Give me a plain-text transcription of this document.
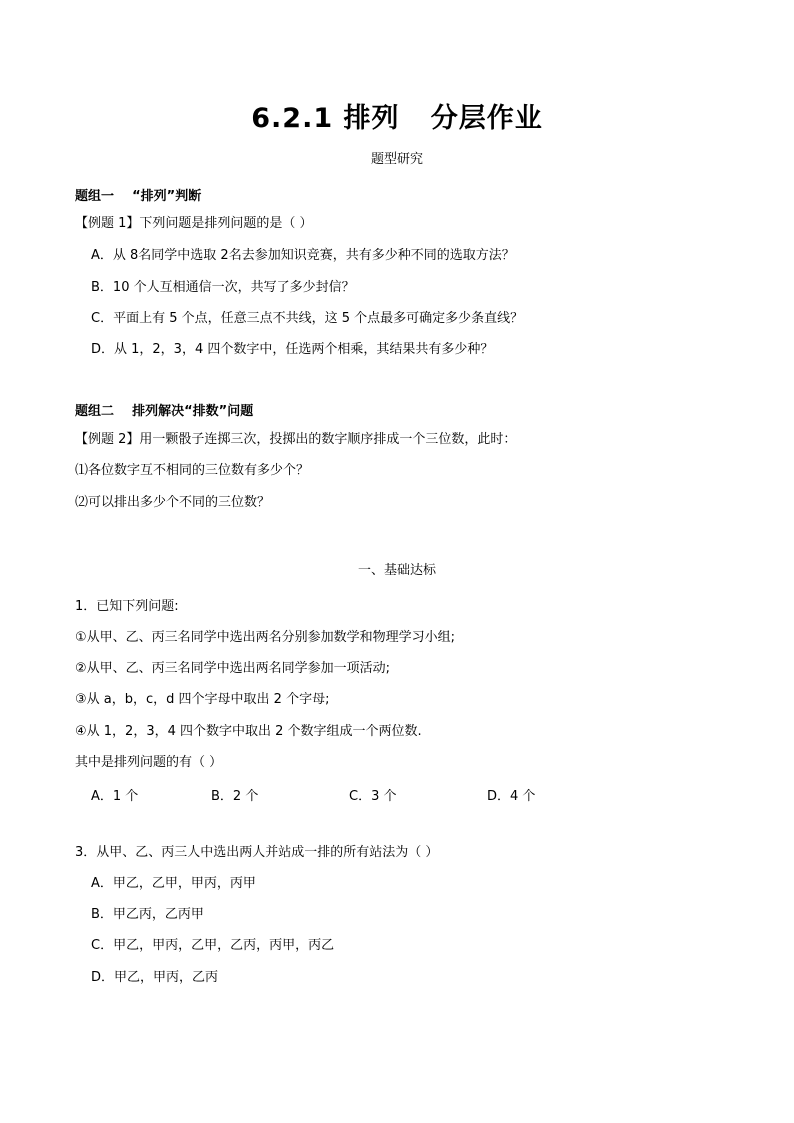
6.2.1 排列   分层作业
题型研究
题组一    “排列”判断
【例题 1】下列问题是排列问题的是（ ）
A．从 8名同学中选取 2名去参加知识竞赛，共有多少种不同的选取方法？
B．10 个人互相通信一次，共写了多少封信？
C．平面上有 5 个点，任意三点不共线，这 5 个点最多可确定多少条直线？
D．从 1，2，3，4 四个数字中，任选两个相乘，其结果共有多少种？
题组二    排列解决“排数”问题
【例题 2】用一颗骰子连掷三次，投掷出的数字顺序排成一个三位数，此时：
⑴各位数字互不相同的三位数有多少个？
⑵可以排出多少个不同的三位数？
一、基础达标
1．已知下列问题:
①从甲、乙、丙三名同学中选出两名分别参加数学和物理学习小组;
②从甲、乙、丙三名同学中选出两名同学参加一项活动;
③从 a，b，c，d 四个字母中取出 2 个字母;
④从 1，2，3，4 四个数字中取出 2 个数字组成一个两位数.
其中是排列问题的有（ ）
A．1 个	B．2 个	C．3 个	D．4 个
3．从甲、乙、丙三人中选出两人并站成一排的所有站法为（ ）
A．甲乙，乙甲，甲丙，丙甲
B．甲乙丙，乙丙甲
C．甲乙，甲丙，乙甲，乙丙，丙甲，丙乙
D．甲乙，甲丙，乙丙
